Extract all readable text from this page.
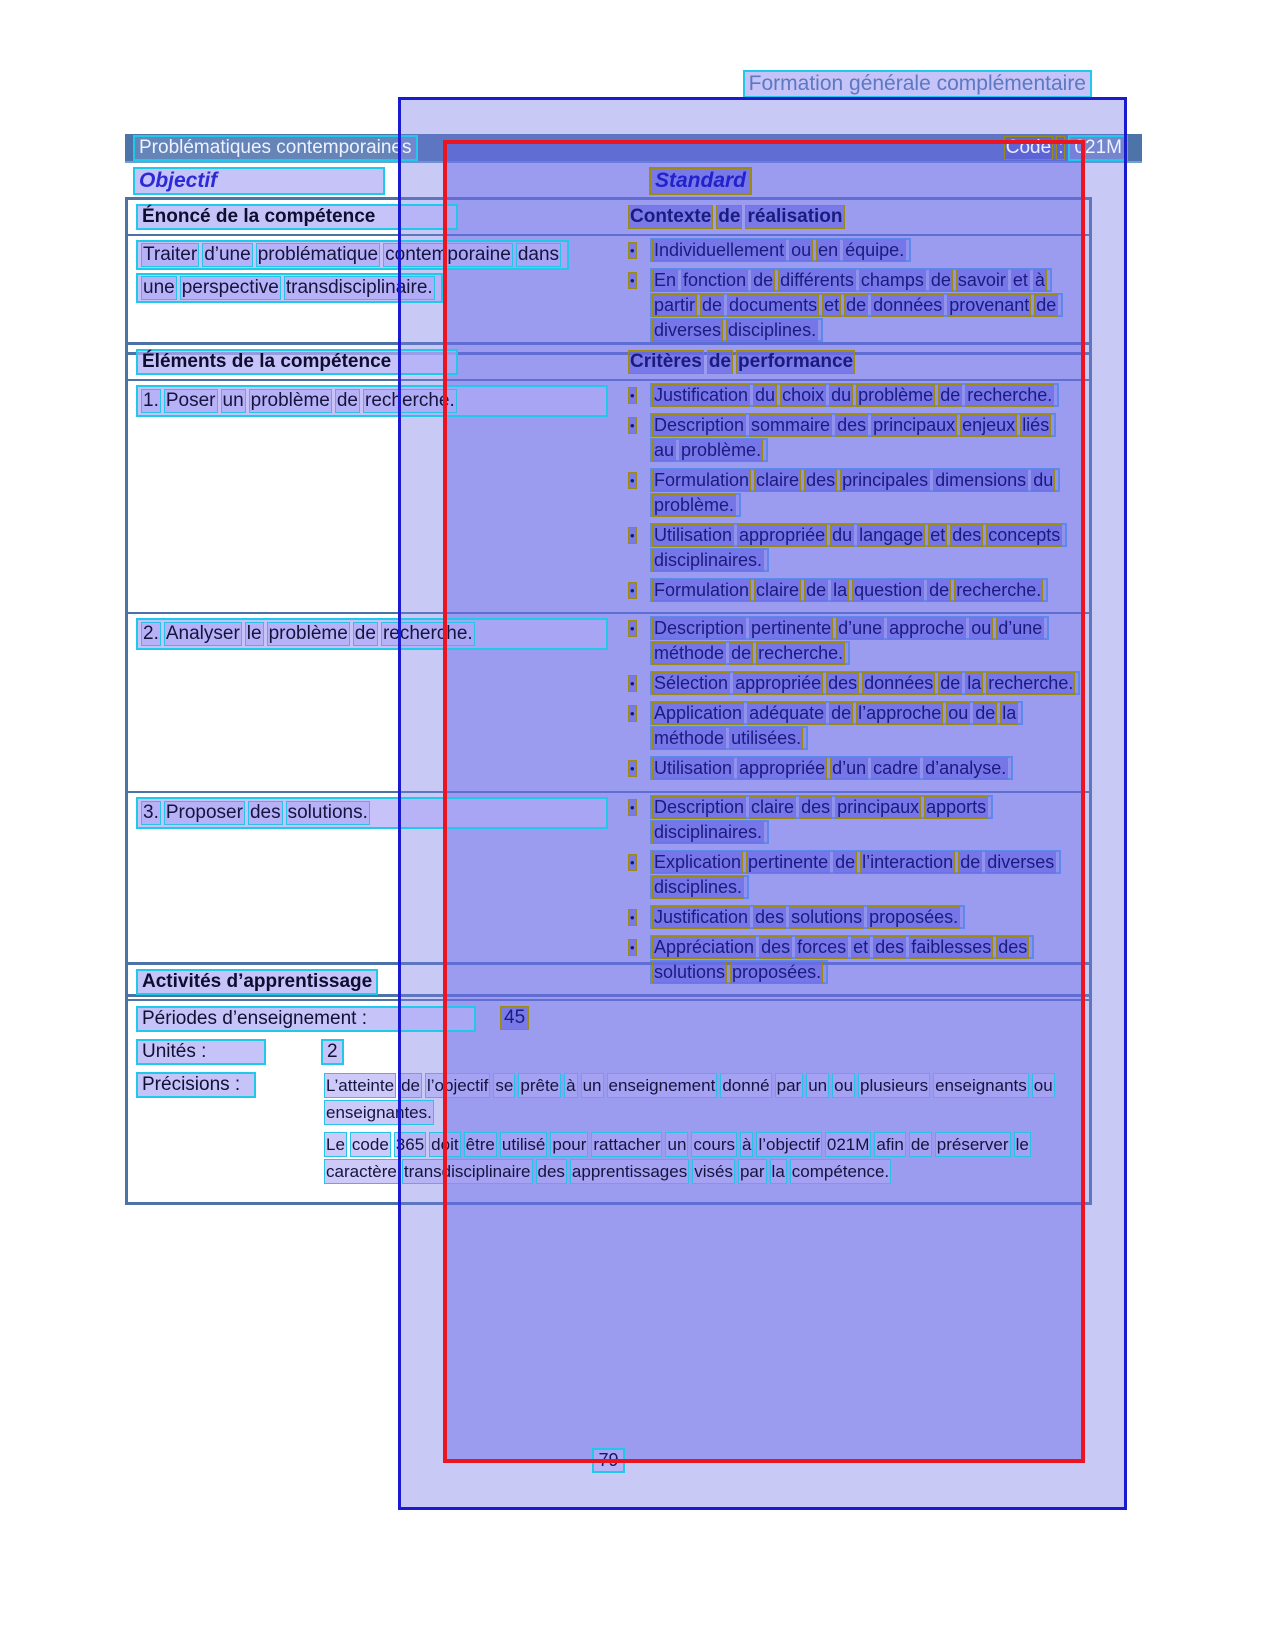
Formation générale complémentaire
Problématiques contemporaines	Code : 021M
Objectif	Standard
Énoncé de la compétence	Contexte de réalisation
Traiter d’une problématique contemporaine dans
une perspective transdisciplinaire.
•	Individuellement ou en équipe.
•	En fonction de différents champs de savoir et àpartir de documents et de données provenant dediverses disciplines.
Éléments de la compétence	Critères de performance
1. Poser un problème de recherche.	•	Justification du choix du problème de recherche.
•	Description sommaire des principaux enjeux liésau problème.
•	Formulation claire des principales dimensions duproblème.
•	Utilisation appropriée du langage et des conceptsdisciplinaires.
•	Formulation claire de la question de recherche.
2. Analyser le problème de recherche.	•	Description pertinente d’une approche ou d’uneméthode de recherche.
•	Sélection appropriée des données de la recherche.
•	Application adéquate de l’approche ou de laméthode utilisées.
•	Utilisation appropriée d’un cadre d’analyse.
3. Proposer des solutions.	•	Description claire des principaux apportsdisciplinaires.
•	Explication pertinente de l’interaction de diversesdisciplines.
•	Justification des solutions proposées.
•	Appréciation des forces et des faiblesses dessolutions proposées.
Activités d’apprentissage
Périodes d’enseignement :	45
Unités :	2
Précisions :	L’atteinte de l’objectif se prête à un enseignement donné par un ou plusieurs enseignants ouenseignantes.
Le code 365 doit être utilisé pour rattacher un cours à l’objectif 021M afin de préserver lecaractère transdisciplinaire des apprentissages visés par la compétence.
79
